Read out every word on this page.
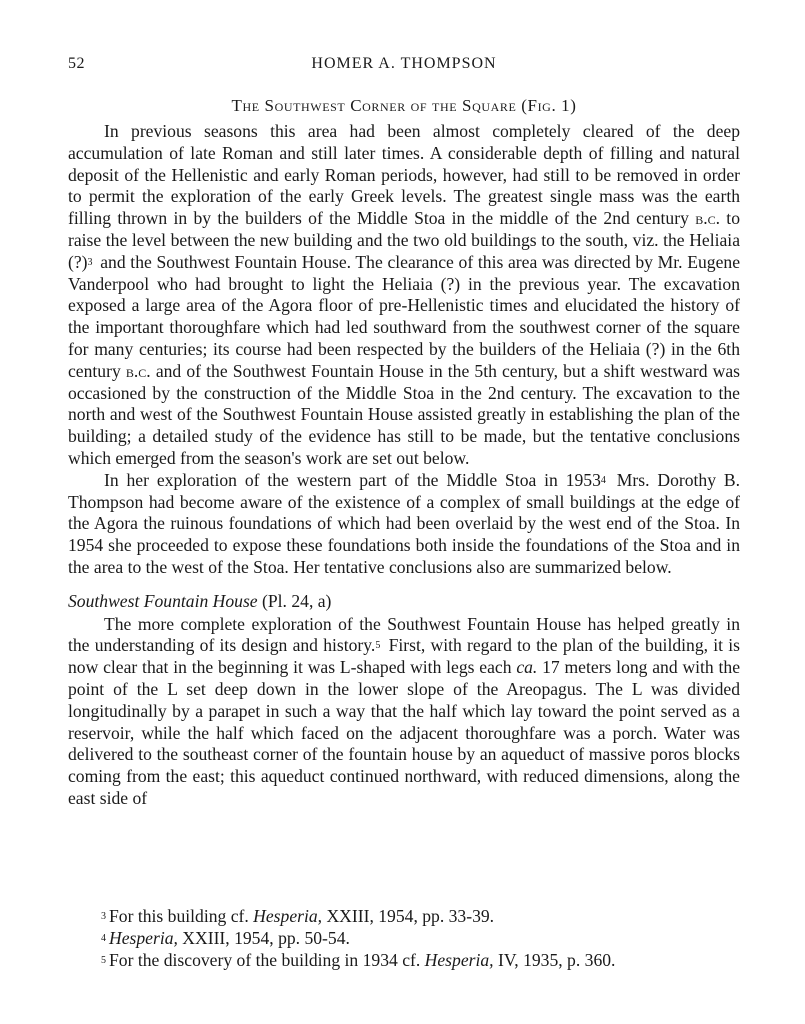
52	HOMER A. THOMPSON
The Southwest Corner of the Square (Fig. 1)

In previous seasons this area had been almost completely cleared of the deep accumulation of late Roman and still later times. A considerable depth of filling and natural deposit of the Hellenistic and early Roman periods, however, had still to be removed in order to permit the exploration of the early Greek levels. The greatest single mass was the earth filling thrown in by the builders of the Middle Stoa in the middle of the 2nd century b.c. to raise the level between the new building and the two old buildings to the south, viz. the Heliaia (?)$^3$ and the Southwest Fountain House. The clearance of this area was directed by Mr. Eugene Vanderpool who had brought to light the Heliaia (?) in the previous year. The excavation exposed a large area of the Agora floor of pre-Hellenistic times and elucidated the history of the important thoroughfare which had led southward from the southwest corner of the square for many centuries; its course had been respected by the builders of the Heliaia (?) in the 6th century b.c. and of the Southwest Fountain House in the 5th century, but a shift westward was occasioned by the construction of the Middle Stoa in the 2nd century. The excavation to the north and west of the Southwest Fountain House assisted greatly in establishing the plan of the building; a detailed study of the evidence has still to be made, but the tentative conclusions which emerged from the season's work are set out below.

In her exploration of the western part of the Middle Stoa in 1953$^4$ Mrs. Dorothy B. Thompson had become aware of the existence of a complex of small buildings at the edge of the Agora the ruinous foundations of which had been overlaid by the west end of the Stoa. In 1954 she proceeded to expose these foundations both inside the foundations of the Stoa and in the area to the west of the Stoa. Her tentative conclusions also are summarized below.

Southwest Fountain House (Pl. 24, a)

The more complete exploration of the Southwest Fountain House has helped greatly in the understanding of its design and history.$^5$ First, with regard to the plan of the building, it is now clear that in the beginning it was L-shaped with legs each ca. 17 meters long and with the point of the L set deep down in the lower slope of the Areopagus. The L was divided longitudinally by a parapet in such a way that the half which lay toward the point served as a reservoir, while the half which faced on the adjacent thoroughfare was a porch. Water was delivered to the southeast corner of the fountain house by an aqueduct of massive poros blocks coming from the east; this aqueduct continued northward, with reduced dimensions, along the east side of

$^3$ For this building cf. Hesperia, XXIII, 1954, pp. 33-39.

$^4$ Hesperia, XXIII, 1954, pp. 50-54.

$^5$ For the discovery of the building in 1934 cf. Hesperia, IV, 1935, p. 360.
